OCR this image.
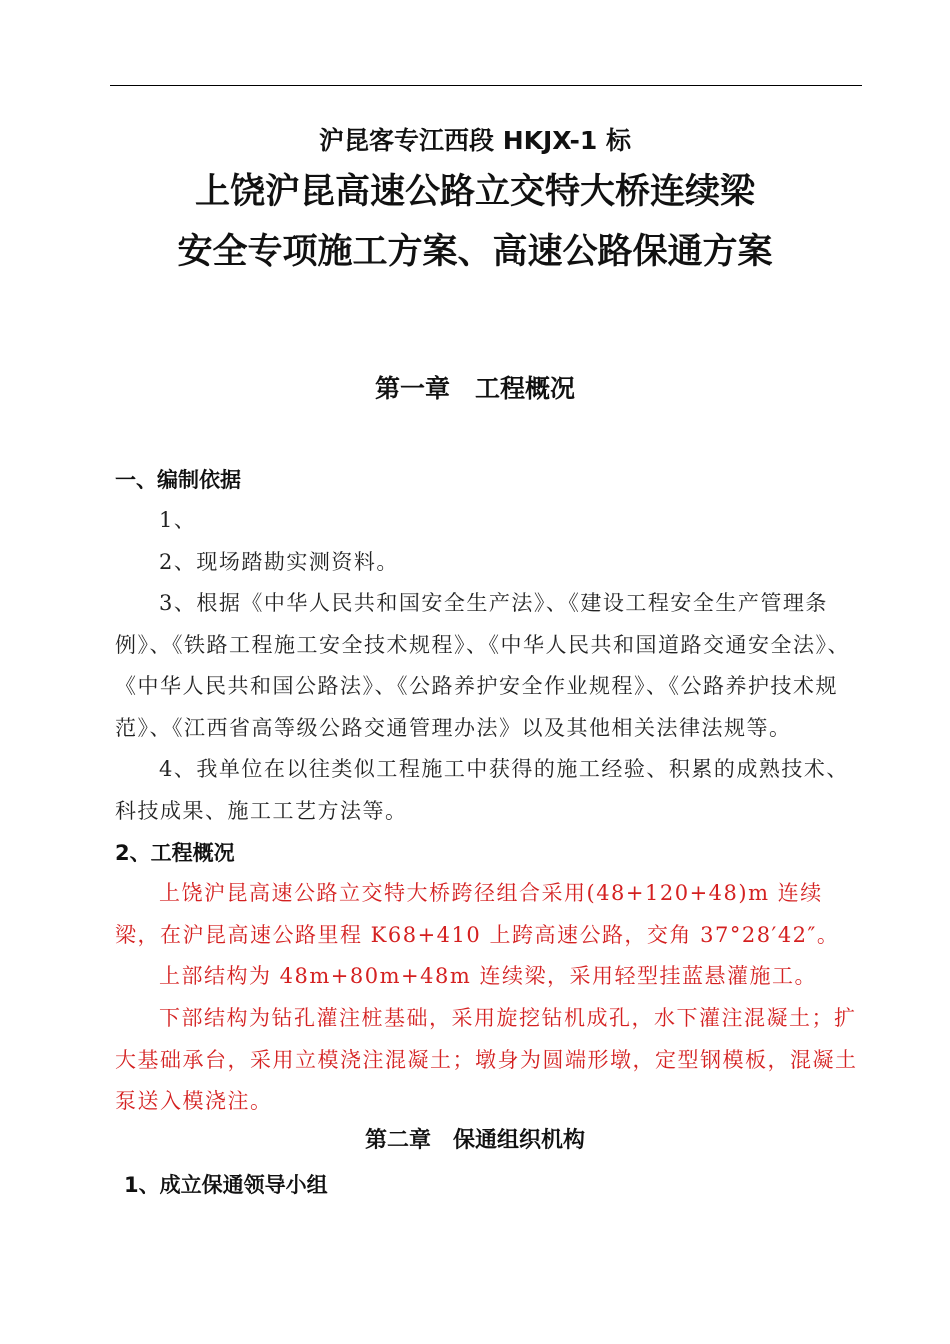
沪昆客专江西段 HKJX-1 标
上饶沪昆高速公路立交特大桥连续梁
安全专项施工方案、高速公路保通方案
第一章　工程概况
一、编制依据

1、

2、现场踏勘实测资料。

3、根据《中华人民共和国安全生产法》、《建设工程安全生产管理条例》、《铁路工程施工安全技术规程》、《中华人民共和国道路交通安全法》、《中华人民共和国公路法》、《公路养护安全作业规程》、《公路养护技术规范》、《江西省高等级公路交通管理办法》以及其他相关法律法规等。

4、我单位在以往类似工程施工中获得的施工经验、积累的成熟技术、科技成果、施工工艺方法等。

2、工程概况

上饶沪昆高速公路立交特大桥跨径组合采用(48+120+48)m 连续梁，在沪昆高速公路里程 K68+410 上跨高速公路，交角 37°28′42″。

上部结构为 48m+80m+48m 连续梁，采用轻型挂蓝悬灌施工。

下部结构为钻孔灌注桩基础，采用旋挖钻机成孔，水下灌注混凝土；扩大基础承台，采用立模浇注混凝土；墩身为圆端形墩，定型钢模板，混凝土泵送入模浇注。

第二章　保通组织机构
1、成立保通领导小组
